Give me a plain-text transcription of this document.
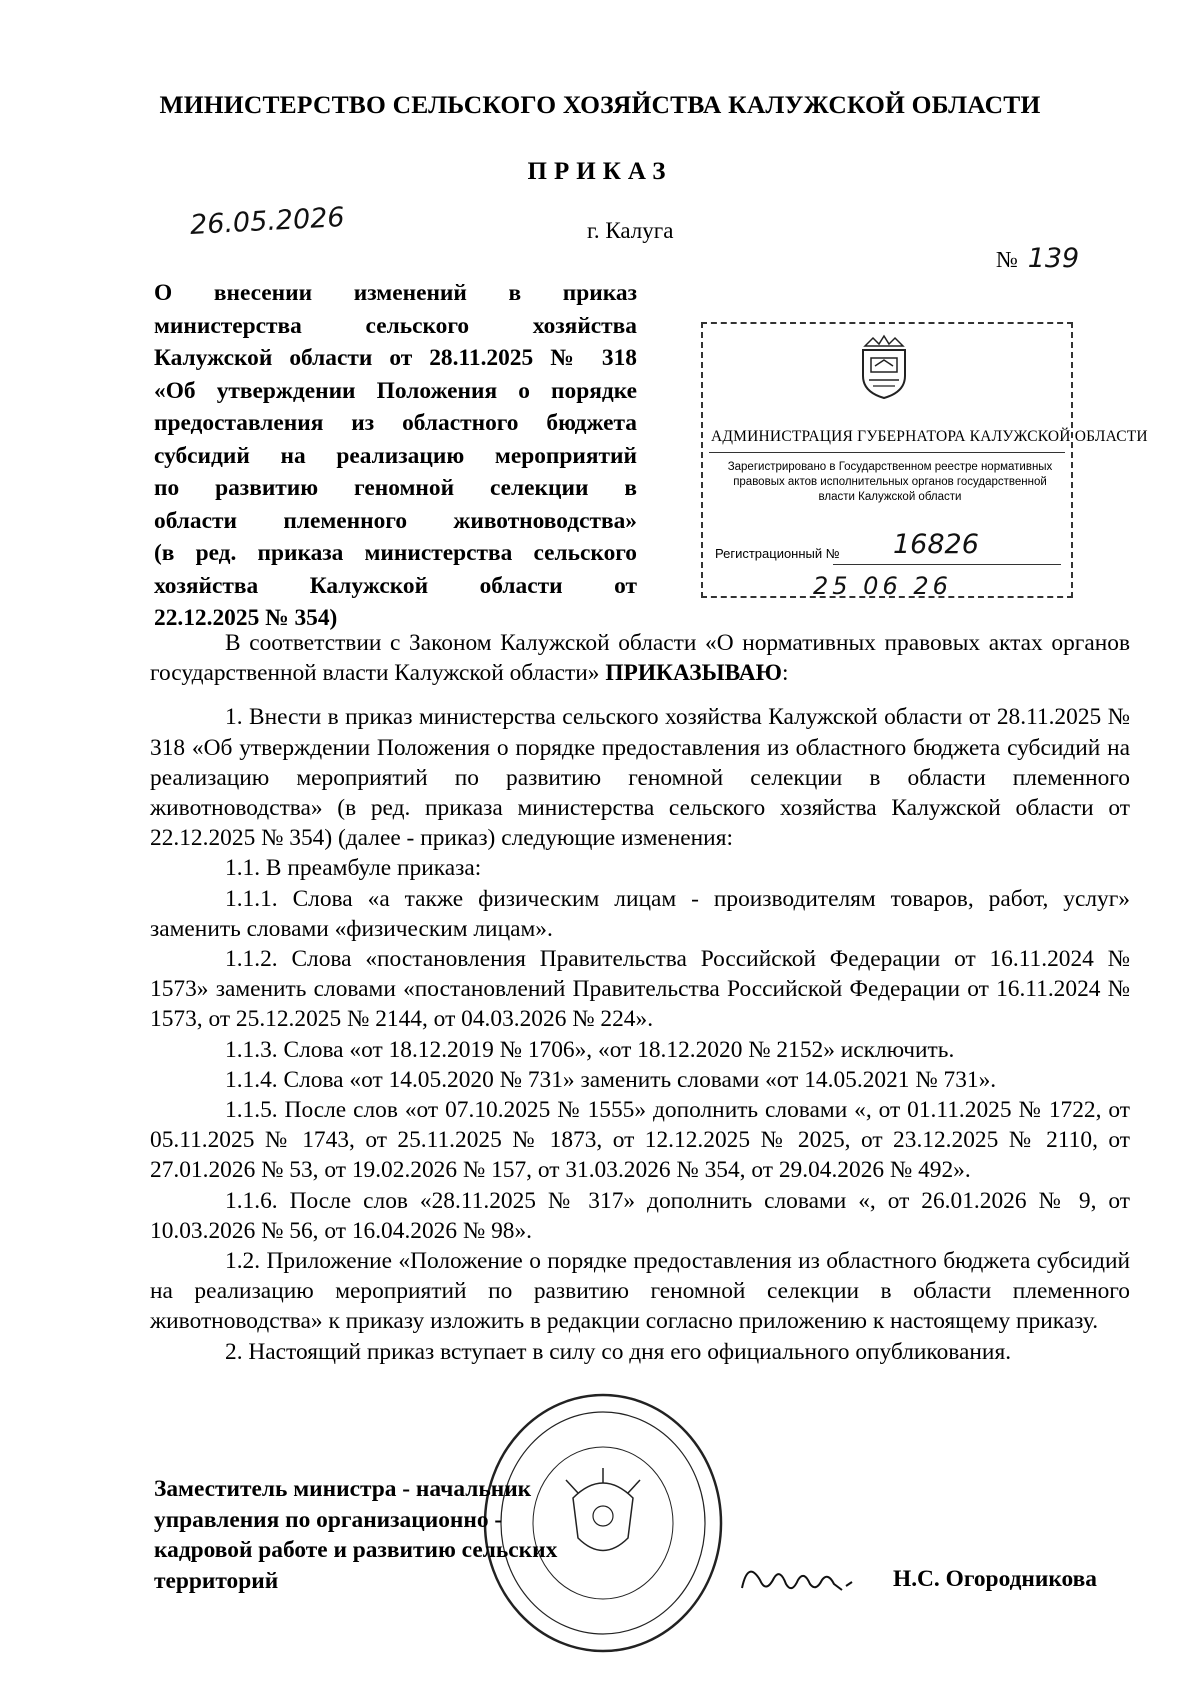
МИНИСТЕРСТВО СЕЛЬСКОГО ХОЗЯЙСТВА КАЛУЖСКОЙ ОБЛАСТИ
ПРИКАЗ
26.05.2026	г. Калуга
№ 139
О внесении изменений в приказ
министерства сельского хозяйства
Калужской области от 28.11.2025 № 318
«Об утверждении Положения о порядке
предоставления из областного бюджета
субсидий на реализацию мероприятий
по развитию геномной селекции в
области племенного животноводства»
(в ред. приказа министерства сельского
хозяйства Калужской области от
22.12.2025 № 354)
АДМИНИСТРАЦИЯ ГУБЕРНАТОРА КАЛУЖСКОЙ ОБЛАСТИ
Зарегистрировано в Государственном реестре нормативных правовых актов исполнительных органов государственной власти Калужской области
Регистрационный № 16826
25 06 26

В соответствии с Законом Калужской области «О нормативных правовых актах органов государственной власти Калужской области» ПРИКАЗЫВАЮ:

1. Внести в приказ министерства сельского хозяйства Калужской области от 28.11.2025 № 318 «Об утверждении Положения о порядке предоставления из областного бюджета субсидий на реализацию мероприятий по развитию геномной селекции в области племенного животноводства» (в ред. приказа министерства сельского хозяйства Калужской области от 22.12.2025 № 354) (далее - приказ) следующие изменения:

1.1. В преамбуле приказа:

1.1.1. Слова «а также физическим лицам - производителям товаров, работ, услуг» заменить словами «физическим лицам».

1.1.2. Слова «постановления Правительства Российской Федерации от 16.11.2024 № 1573» заменить словами «постановлений Правительства Российской Федерации от 16.11.2024 № 1573, от 25.12.2025 № 2144, от 04.03.2026 № 224».

1.1.3. Слова «от 18.12.2019 № 1706», «от 18.12.2020 № 2152» исключить.

1.1.4. Слова «от 14.05.2020 № 731» заменить словами «от 14.05.2021 № 731».

1.1.5. После слов «от 07.10.2025 № 1555» дополнить словами «, от 01.11.2025 № 1722, от 05.11.2025 № 1743, от 25.11.2025 № 1873, от 12.12.2025 № 2025, от 23.12.2025 № 2110, от 27.01.2026 № 53, от 19.02.2026 № 157, от 31.03.2026 № 354, от 29.04.2026 № 492».

1.1.6. После слов «28.11.2025 № 317» дополнить словами «, от 26.01.2026 № 9, от 10.03.2026 № 56, от 16.04.2026 № 98».

1.2. Приложение «Положение о порядке предоставления из областного бюджета субсидий на реализацию мероприятий по развитию геномной селекции в области племенного животноводства» к приказу изложить в редакции согласно приложению к настоящему приказу.

2. Настоящий приказ вступает в силу со дня его официального опубликования.

Заместитель министра - начальник
управления по организационно -
кадровой работе и развитию сельских
территорий	Н.С. Огородникова
